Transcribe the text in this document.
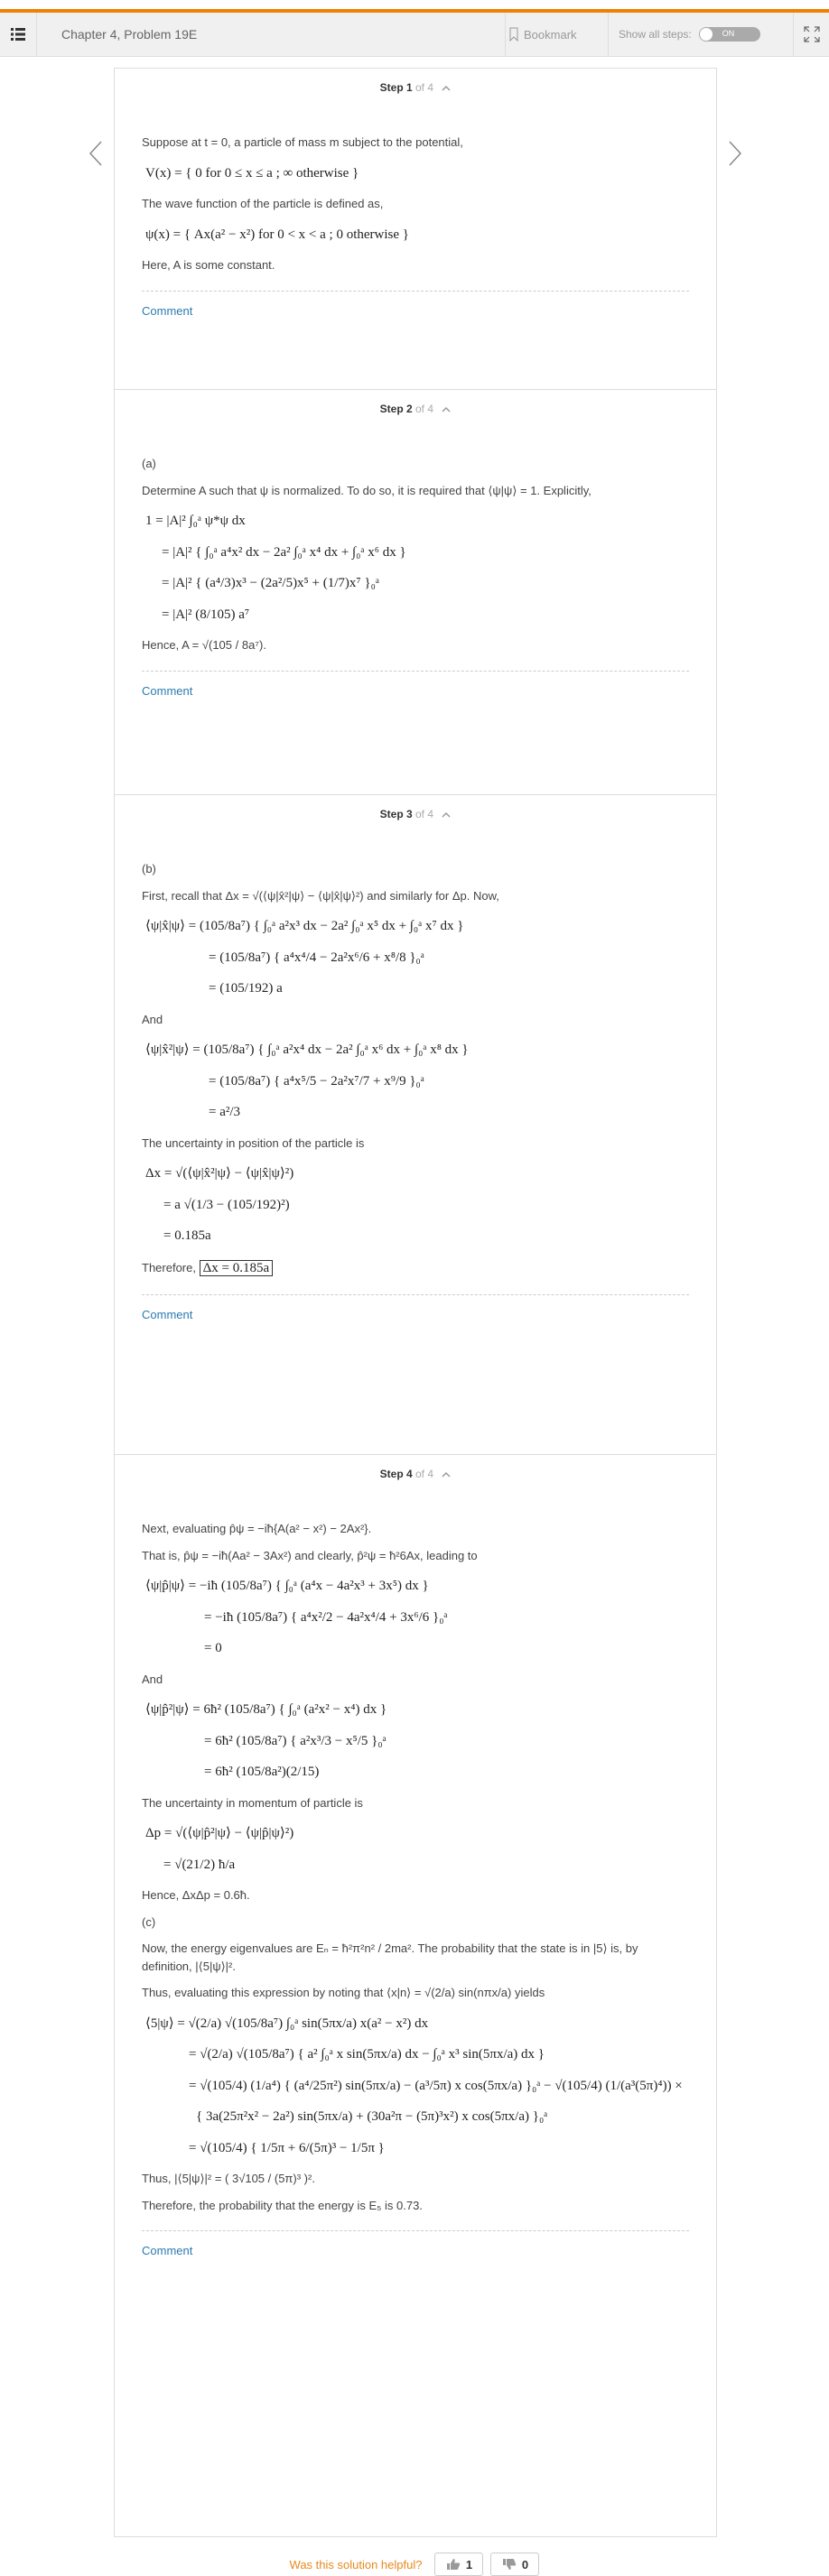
Chapter 4, Problem 19E	Bookmark	Show all steps:	ON
Step 1 of 4
Suppose at t = 0, a particle of mass m subject to the potential,
V(x) = { 0 for 0 ≤ x ≤ a ; ∞ otherwise }
The wave function of the particle is defined as,
ψ(x) = { Ax(a² − x²) for 0 < x < a ; 0 otherwise }
Here, A is some constant.
Comment
Step 2 of 4
(a)
Determine A such that ψ is normalized. To do so, it is required that ⟨ψ|ψ⟩ = 1. Explicitly,
1 = |A|² ∫₀ᵃ ψ*ψ dx
= |A|² { ∫₀ᵃ a⁴x² dx − 2a² ∫₀ᵃ x⁴ dx + ∫₀ᵃ x⁶ dx }
= |A|² { (a⁴/3)x³ − (2a²/5)x⁵ + (1/7)x⁷ }₀ᵃ
= |A|² (8/105) a⁷
Hence, A = √(105 / 8a⁷).
Comment
Step 3 of 4
(b)
First, recall that Δx = √(⟨ψ|x̂²|ψ⟩ − ⟨ψ|x̂|ψ⟩²) and similarly for Δp. Now,
⟨ψ|x̂|ψ⟩ = (105/8a⁷) { ∫₀ᵃ a²x³ dx − 2a² ∫₀ᵃ x⁵ dx + ∫₀ᵃ x⁷ dx }
= (105/8a⁷) { a⁴x⁴/4 − 2a²x⁶/6 + x⁸/8 }₀ᵃ
= (105/192) a
And
⟨ψ|x̂²|ψ⟩ = (105/8a⁷) { ∫₀ᵃ a²x⁴ dx − 2a² ∫₀ᵃ x⁶ dx + ∫₀ᵃ x⁸ dx }
= (105/8a⁷) { a⁴x⁵/5 − 2a²x⁷/7 + x⁹/9 }₀ᵃ
= a²/3
The uncertainty in position of the particle is
Δx = √(⟨ψ|x̂²|ψ⟩ − ⟨ψ|x̂|ψ⟩²)
= a √(1/3 − (105/192)²)
= 0.185a
Therefore, Δx = 0.185a
Comment
Step 4 of 4
Next, evaluating p̂ψ = −iħ{A(a² − x²) − 2Ax²}.
That is, p̂ψ = −iħ(Aa² − 3Ax²) and clearly, p̂²ψ = ħ²6Ax, leading to
⟨ψ|p̂|ψ⟩ = −iħ (105/8a⁷) { ∫₀ᵃ (a⁴x − 4a²x³ + 3x⁵) dx }
= −iħ (105/8a⁷) { a⁴x²/2 − 4a²x⁴/4 + 3x⁶/6 }₀ᵃ
= 0
And
⟨ψ|p̂²|ψ⟩ = 6ħ² (105/8a⁷) { ∫₀ᵃ (a²x² − x⁴) dx }
= 6ħ² (105/8a⁷) { a²x³/3 − x⁵/5 }₀ᵃ
= 6ħ² (105/8a²)(2/15)
The uncertainty in momentum of particle is
Δp = √(⟨ψ|p̂²|ψ⟩ − ⟨ψ|p̂|ψ⟩²)
= √(21/2) ħ/a
Hence, ΔxΔp = 0.6ħ.
(c)
Now, the energy eigenvalues are Eₙ = ħ²π²n² / 2ma². The probability that the state is in |5⟩ is, by definition, |⟨5|ψ⟩|².
Thus, evaluating this expression by noting that ⟨x|n⟩ = √(2/a) sin(nπx/a) yields
⟨5|ψ⟩ = √(2/a) √(105/8a⁷) ∫₀ᵃ sin(5πx/a) x(a² − x²) dx
= √(2/a) √(105/8a⁷) { a² ∫₀ᵃ x sin(5πx/a) dx − ∫₀ᵃ x³ sin(5πx/a) dx }
= √(105/4) (1/a⁴) { (a⁴/25π²) sin(5πx/a) − (a³/5π) x cos(5πx/a) }₀ᵃ − √(105/4) (1/(a³(5π)⁴)) ×
{ 3a(25π²x² − 2a²) sin(5πx/a) + (30a²π − (5π)³x²) x cos(5πx/a) }₀ᵃ
= √(105/4) { 1/5π + 6/(5π)³ − 1/5π }
Thus, |⟨5|ψ⟩|² = ( 3√105 / (5π)³ )².
Therefore, the probability that the energy is E₅ is 0.73.
Comment
Was this solution helpful?	1	0
